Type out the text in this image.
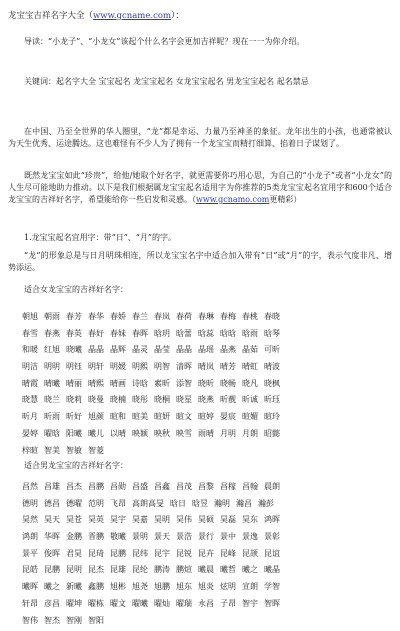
龙宝宝吉祥名字大全（www.gcname.com）：
导读：“小龙子”、“小龙女”该起个什么名字会更加吉祥呢？现在一一为你介绍。
关键词：起名字大全 宝宝起名 龙宝宝起名 女龙宝宝起名 男龙宝宝起名 起名禁忌
在中国、乃至全世界的华人圈里，“龙”都是幸运、力量乃至神圣的象征。龙年出生的小孩，也通常被认为天生优秀、运途腾达。这也难怪有不少人为了拥有一个龙宝宝而精打细算、掐着日子谋划了。
既然龙宝宝如此“珍贵”，给他/她取个好名字，就更需要你巧用心思，为自己的“小龙子”或者“小龙女”的人生尽可能地助力推动。以下是我们根据属龙宝宝起名适用字为你推荐的5类龙宝宝起名宜用字和600个适合龙宝宝的吉祥好名字，希望能给你一些启发和灵感。（www.gcnamo.com更精彩）
1.龙宝宝起名宜用字：带“日”、“月”的字。
“龙”的形象总是与日月明珠相连，所以龙宝宝名字中适合加入带有“日”或“月”的字，表示气度非凡、增势添运。
适合女龙宝宝的吉祥好名字：
朝旭 朝雨 春芳 春华 春娇 春兰 春岚 春荷 春琳 春梅 春桃 春晓
春雪 春燕 春英 春好 春妹 春晖 晗玥 晗蕾 晗蕊 晗晗 晗雨 晗琴
和暖 红旭 晓曦 晶晶 晶辉 晶灵 晶莹 晶晶 晶瑶 晶燕 晶茹 可昕
明洁 明明 明钰 明轩 明媛 明熙 明智 清晖 晴岚 晴芳 晴虹 晴波
晴霞 晴曦 晴丽 晴熙 晴画 诗晗 素昕 添智 晓昕 晓畅 晓凡 晓枫
晓慧 晓兰 晓莉 晓曼 晓楠 晓彤 晓桐 晓星 晓燕 昕靓 昕诚 昕珏
昕月 昕雨 昕好 旭颜 暄和 暄美 暄妍 暄文 暄婷 晏宸 暄媚 暄玲
晏婷 曜晗 阳曦 曦儿 以晴 映颖 映秋 映雪 雨晴 月明 月朗 昭懿
梓暄 智美 智敏 智菱
适合男龙宝宝的吉祥好名字：
昌然 昌雄 昌杰 昌鹏 昌勋 昌盛 昌鑫 昌茂 昌黎 昌稼 昌翰 晨朗
德明 德昌 德曜 范明 飞昂 高朗高旻 晗日 晗昱 瀚明 瀚昌 瀚彭
昊然 昊天 昊苍 昊英 昊宇 昊嘉 昊明 昊伟 昊硕 昊磊 昊东 鸿晖
鸿朗 华晖 金鹏 晋鹏 敬曦 景明 景天 景浩 景行 景中 景逸 景彰
景平 俊晖 君昊 昆琦 昆鹏 昆纬 昆宇 昆锐 昆卉 昆峰 昆颉 昆谊
昆皓 昆鹏 昆明 昆杰 昆雄 昆纶 鹏涛 鹏煊 曦晨 曦哲 曦之 曦晶
曦晖 曦之 新曦 鑫鹏 旭彬 旭尧 旭鹏 旭东 旭炎 炫明 宣朗 学智
轩昂 彦昌 曜坤 曜栋 曜文 曜曦 曜灿 曜瑞 永昌 子昂 智宇 智晖
智伟 智杰 智刚 智阳
